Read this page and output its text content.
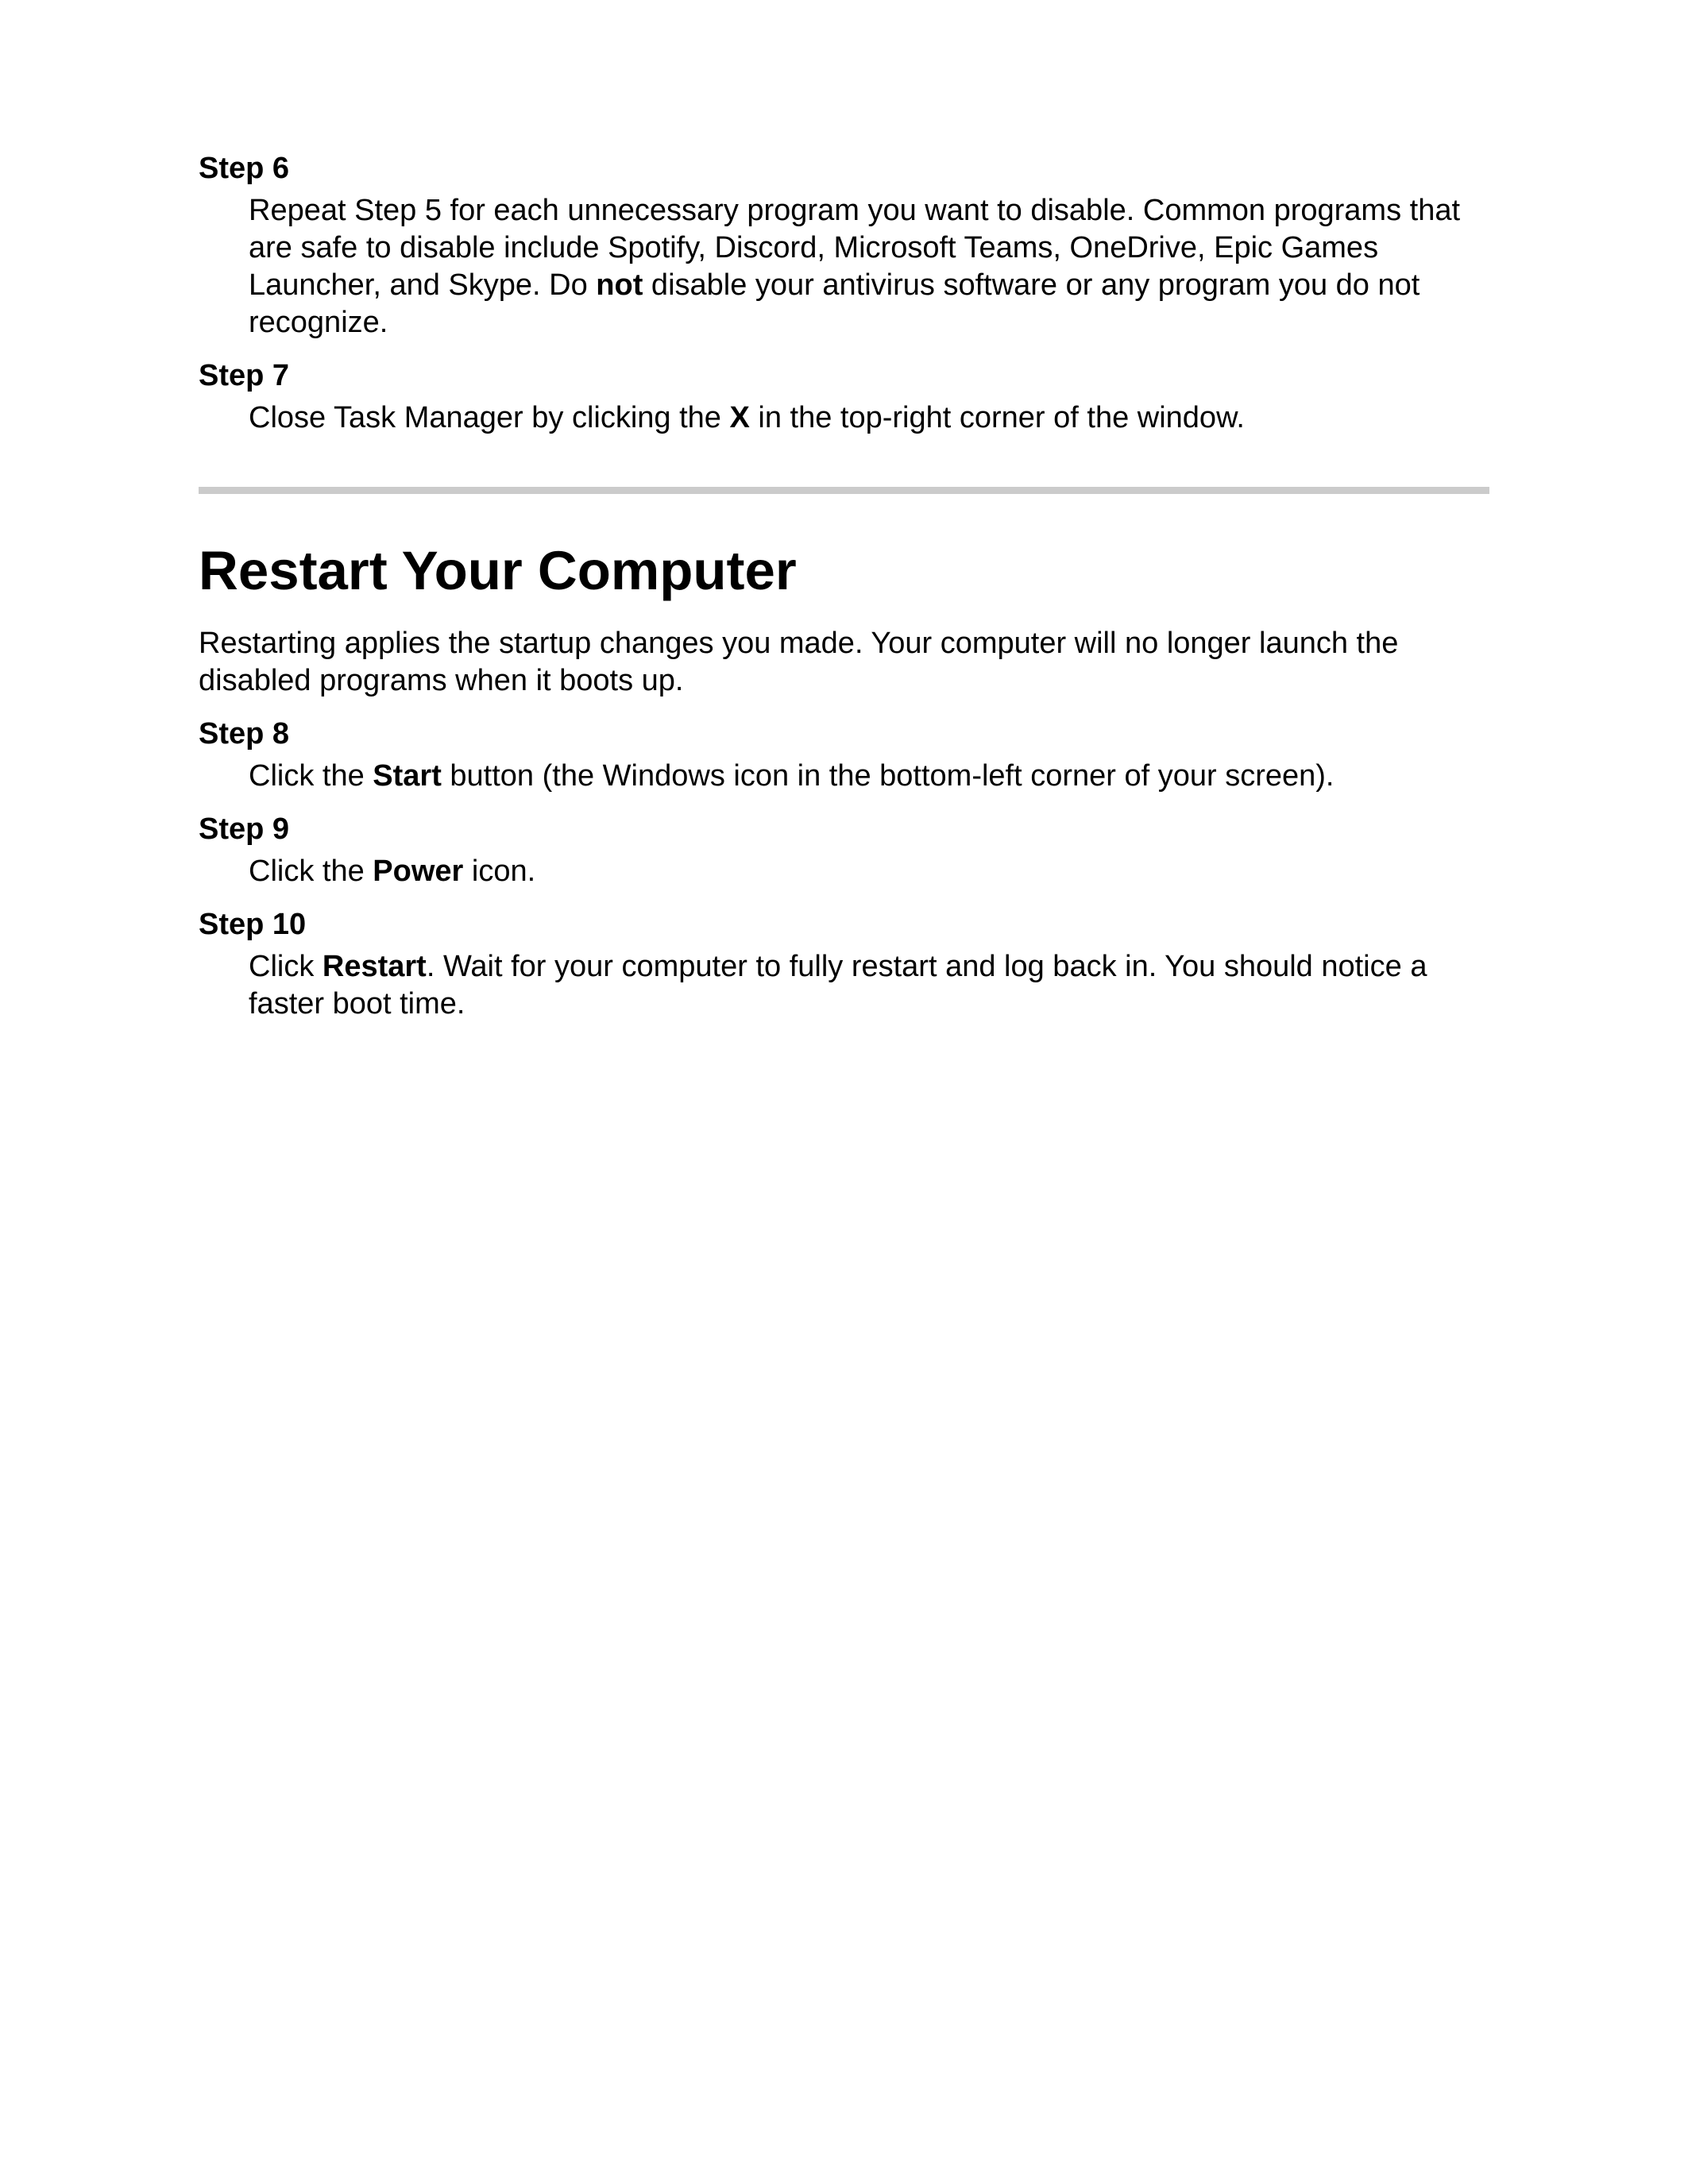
Step 6

Repeat Step 5 for each unnecessary program you want to disable. Common programs that are safe to disable include Spotify, Discord, Microsoft Teams, OneDrive, Epic Games Launcher, and Skype. Do not disable your antivirus software or any program you do not recognize.

Step 7

Close Task Manager by clicking the X in the top-right corner of the window.

Restart Your Computer

Restarting applies the startup changes you made. Your computer will no longer launch the disabled programs when it boots up.

Step 8

Click the Start button (the Windows icon in the bottom-left corner of your screen).

Step 9

Click the Power icon.

Step 10

Click Restart. Wait for your computer to fully restart and log back in. You should notice a faster boot time.
